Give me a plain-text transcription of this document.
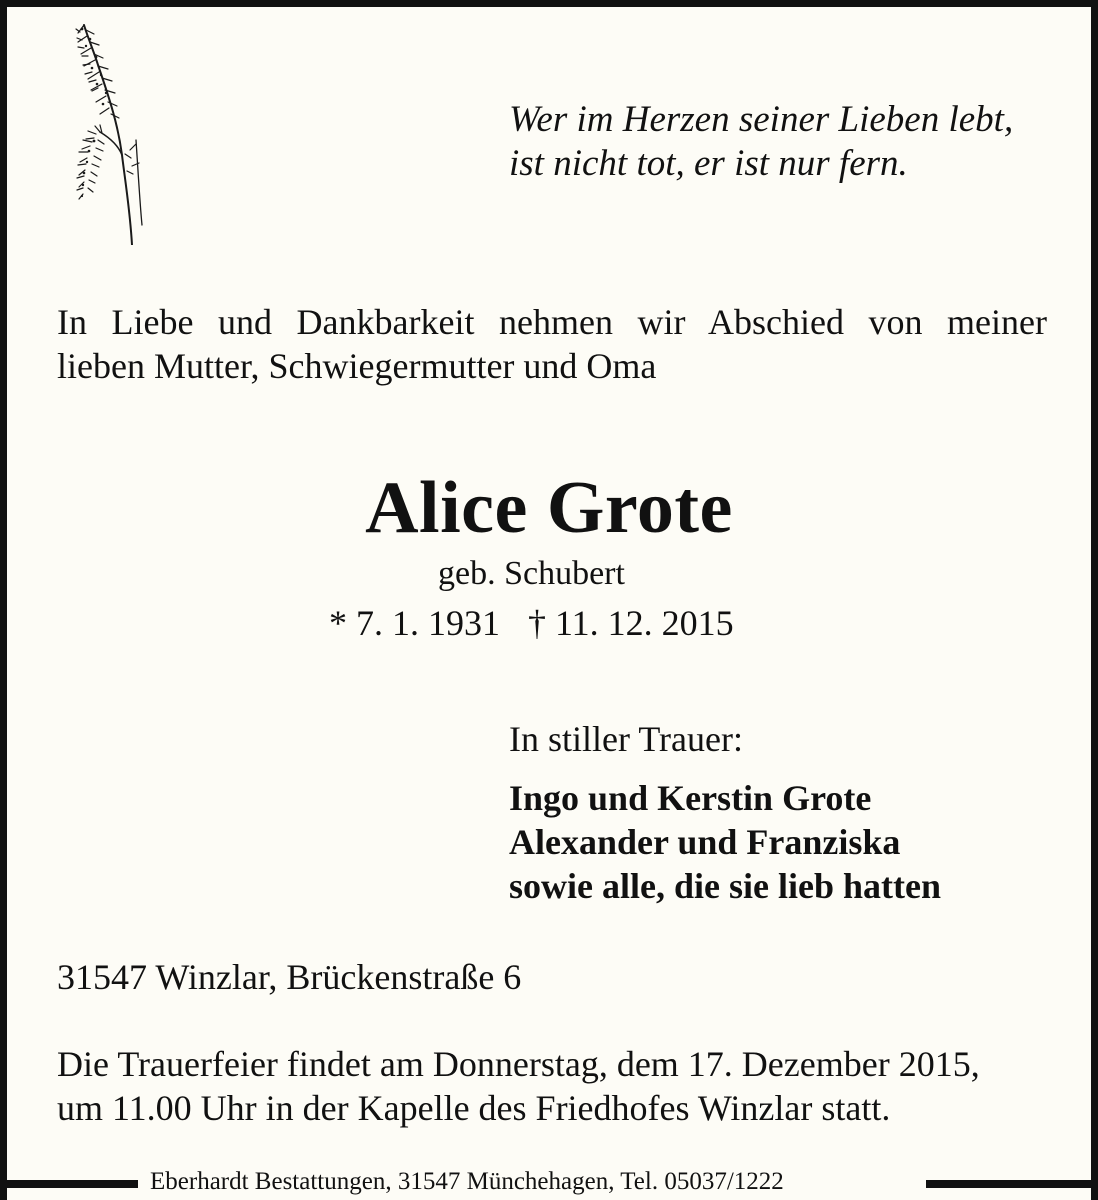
Wer im Herzen seiner Lieben lebt,
ist nicht tot, er ist nur fern.
In Liebe und Dankbarkeit nehmen wir Abschied von meiner
lieben Mutter, Schwiegermutter und Oma
Alice Grote
geb. Schubert
* 7. 1. 1931 † 11. 12. 2015
In stiller Trauer:
Ingo und Kerstin Grote
Alexander und Franziska
sowie alle, die sie lieb hatten
31547 Winzlar, Brückenstraße 6
Die Trauerfeier findet am Donnerstag, dem 17. Dezember 2015,
um 11.00 Uhr in der Kapelle des Friedhofes Winzlar statt.
Eberhardt Bestattungen, 31547 Münchehagen, Tel. 05037/1222
